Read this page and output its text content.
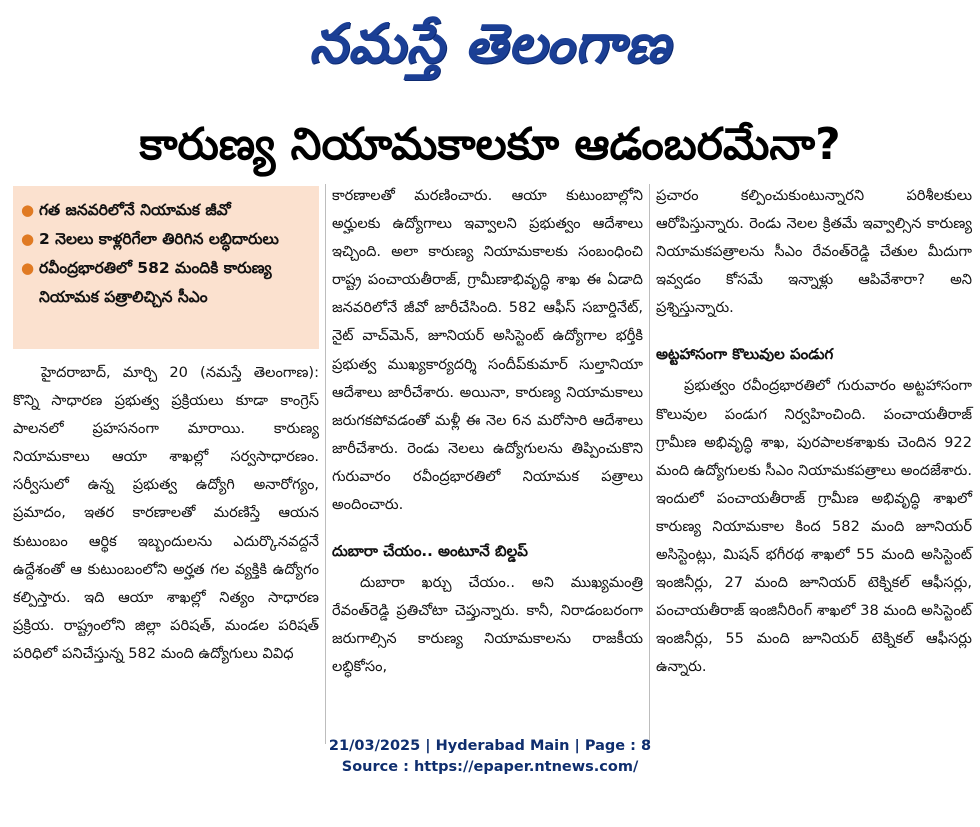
నమస్తే తెలంగాణ
కారుణ్య నియామకాలకూ ఆడంబరమేనా?
● గత జనవరిలోనే నియామక జీవో
● 2 నెలలు కాళ్లరిగేలా తిరిగిన లబ్ధిదారులు
● రవీంద్రభారతిలో 582 మందికి కారుణ్య నియామక పత్రాలిచ్చిన సీఎం

హైదరాబాద్, మార్చి 20 (నమస్తే తెలంగాణ): కొన్ని సాధారణ ప్రభుత్వ ప్రక్రియలు కూడా కాంగ్రెస్ పాలనలో ప్రహసనంగా మారాయి. కారుణ్య నియామకాలు ఆయా శాఖల్లో సర్వసాధారణం. సర్వీసులో ఉన్న ప్రభుత్వ ఉద్యోగి అనారోగ్యం, ప్రమాదం, ఇతర కారణాలతో మరణిస్తే ఆయన కుటుంబం ఆర్థిక ఇబ్బందులను ఎదుర్కొనవద్దనే ఉద్దేశంతో ఆ కుటుంబంలోని అర్హత గల వ్యక్తికి ఉద్యోగం కల్పిస్తారు. ఇది ఆయా శాఖల్లో నిత్యం సాధారణ ప్రక్రియ. రాష్ట్రంలోని జిల్లా పరిషత్, మండల పరిషత్ పరిధిలో పనిచేస్తున్న 582 మంది ఉద్యోగులు వివిధ

కారణాలతో మరణించారు. ఆయా కుటుంబాల్లోని అర్హులకు ఉద్యోగాలు ఇవ్వాలని ప్రభుత్వం ఆదేశాలు ఇచ్చింది. అలా కారుణ్య నియామకాలకు సంబంధించి రాష్ట్ర పంచాయతీరాజ్, గ్రామీణాభివృద్ధి శాఖ ఈ ఏడాది జనవరిలోనే జీవో జారీచేసింది. 582 ఆఫీస్ సబార్డినేట్, నైట్ వాచ్‌మెన్, జూనియర్ అసిస్టెంట్ ఉద్యోగాల భర్తీకి ప్రభుత్వ ముఖ్యకార్యదర్శి సందీప్‌కుమార్ సుల్తానియా ఆదేశాలు జారీచేశారు. అయినా, కారుణ్య నియామకాలు జరుగకపోవడంతో మళ్లీ ఈ నెల 6న మరోసారి ఆదేశాలు జారీచేశారు. రెండు నెలలు ఉద్యోగులను తిప్పించుకొని గురువారం రవీంద్రభారతిలో నియామక పత్రాలు అందించారు.

దుబారా చేయం.. అంటూనే బిల్డప్

దుబారా ఖర్చు చేయం.. అని ముఖ్యమంత్రి రేవంత్‌రెడ్డి ప్రతిచోటా చెప్తున్నారు. కానీ, నిరాడంబరంగా జరుగాల్సిన కారుణ్య నియామకాలను రాజకీయ లబ్ధికోసం,

ప్రచారం కల్పించుకుంటున్నారని పరిశీలకులు ఆరోపిస్తున్నారు. రెండు నెలల క్రితమే ఇవ్వాల్సిన కారుణ్య నియామకపత్రాలను సీఎం రేవంత్‌రెడ్డి చేతుల మీదుగా ఇవ్వడం కోసమే ఇన్నాళ్లు ఆపివేశారా? అని ప్రశ్నిస్తున్నారు.

అట్టహాసంగా కొలువుల పండుగ

ప్రభుత్వం రవీంద్రభారతిలో గురువారం అట్టహాసంగా కొలువుల పండుగ నిర్వహించింది. పంచాయతీరాజ్ గ్రామీణ అభివృద్ధి శాఖ, పురపాలకశాఖకు చెందిన 922 మంది ఉద్యోగులకు సీఎం నియామకపత్రాలు అందజేశారు. ఇందులో పంచాయతీరాజ్ గ్రామీణ అభివృద్ధి శాఖలో కారుణ్య నియామకాల కింద 582 మంది జూనియర్ అసిస్టెంట్లు, మిషన్ భగీరథ శాఖలో 55 మంది అసిస్టెంట్ ఇంజినీర్లు, 27 మంది జూనియర్ టెక్నికల్ ఆఫీసర్లు, పంచాయతీరాజ్ ఇంజినీరింగ్ శాఖలో 38 మంది అసిస్టెంట్ ఇంజినీర్లు, 55 మంది జూనియర్ టెక్నికల్ ఆఫీసర్లు ఉన్నారు.

21/03/2025 | Hyderabad Main | Page : 8
Source : https://epaper.ntnews.com/
